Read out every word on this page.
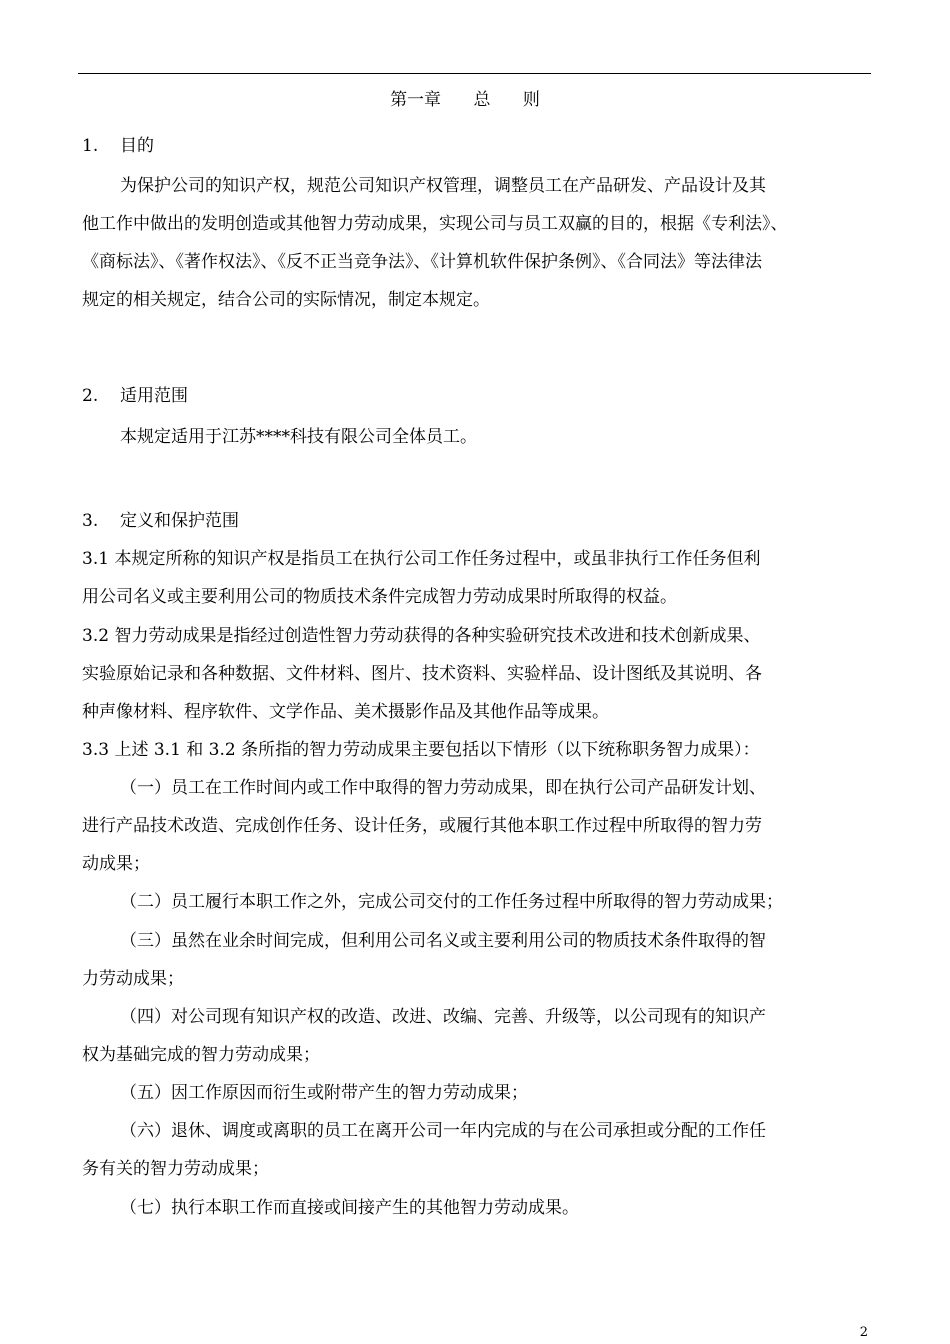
第一章      总      则
1. 目的
为保护公司的知识产权，规范公司知识产权管理，调整员工在产品研发、产品设计及其
他工作中做出的发明创造或其他智力劳动成果，实现公司与员工双赢的目的，根据《专利法》、
《商标法》、《著作权法》、《反不正当竞争法》、《计算机软件保护条例》、《合同法》等法律法
规定的相关规定，结合公司的实际情况，制定本规定。
2. 适用范围
本规定适用于江苏****科技有限公司全体员工。
3. 定义和保护范围
3.1 本规定所称的知识产权是指员工在执行公司工作任务过程中，或虽非执行工作任务但利
用公司名义或主要利用公司的物质技术条件完成智力劳动成果时所取得的权益。
3.2 智力劳动成果是指经过创造性智力劳动获得的各种实验研究技术改进和技术创新成果、
实验原始记录和各种数据、文件材料、图片、技术资料、实验样品、设计图纸及其说明、各
种声像材料、程序软件、文学作品、美术摄影作品及其他作品等成果。
3.3 上述 3.1 和 3.2 条所指的智力劳动成果主要包括以下情形（以下统称职务智力成果）：
（一）员工在工作时间内或工作中取得的智力劳动成果，即在执行公司产品研发计划、
进行产品技术改造、完成创作任务、设计任务，或履行其他本职工作过程中所取得的智力劳
动成果；
（二）员工履行本职工作之外，完成公司交付的工作任务过程中所取得的智力劳动成果；
（三）虽然在业余时间完成，但利用公司名义或主要利用公司的物质技术条件取得的智
力劳动成果；
（四）对公司现有知识产权的改造、改进、改编、完善、升级等，以公司现有的知识产
权为基础完成的智力劳动成果；
（五）因工作原因而衍生或附带产生的智力劳动成果；
（六）退休、调度或离职的员工在离开公司一年内完成的与在公司承担或分配的工作任
务有关的智力劳动成果；
（七）执行本职工作而直接或间接产生的其他智力劳动成果。
2
